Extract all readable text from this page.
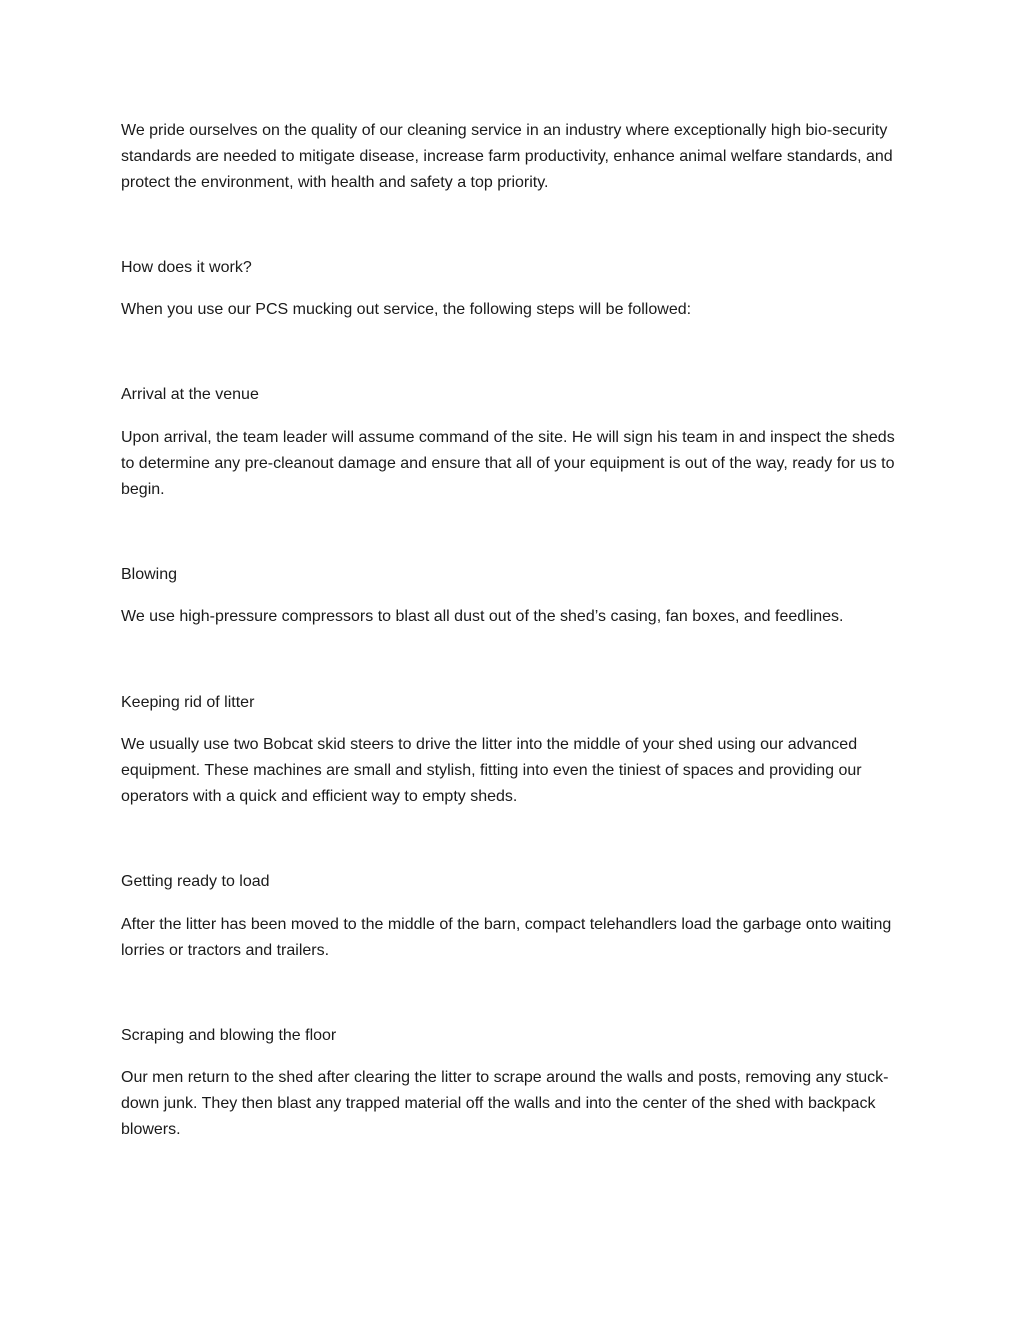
We pride ourselves on the quality of our cleaning service in an industry where exceptionally high bio-security standards are needed to mitigate disease, increase farm productivity, enhance animal welfare standards, and protect the environment, with health and safety a top priority.

How does it work?

When you use our PCS mucking out service, the following steps will be followed:

Arrival at the venue

Upon arrival, the team leader will assume command of the site. He will sign his team in and inspect the sheds to determine any pre-cleanout damage and ensure that all of your equipment is out of the way, ready for us to begin.

Blowing

We use high-pressure compressors to blast all dust out of the shed’s casing, fan boxes, and feedlines.

Keeping rid of litter

We usually use two Bobcat skid steers to drive the litter into the middle of your shed using our advanced equipment. These machines are small and stylish, fitting into even the tiniest of spaces and providing our operators with a quick and efficient way to empty sheds.

Getting ready to load

After the litter has been moved to the middle of the barn, compact telehandlers load the garbage onto waiting lorries or tractors and trailers.

Scraping and blowing the floor

Our men return to the shed after clearing the litter to scrape around the walls and posts, removing any stuck-down junk. They then blast any trapped material off the walls and into the center of the shed with backpack blowers.
